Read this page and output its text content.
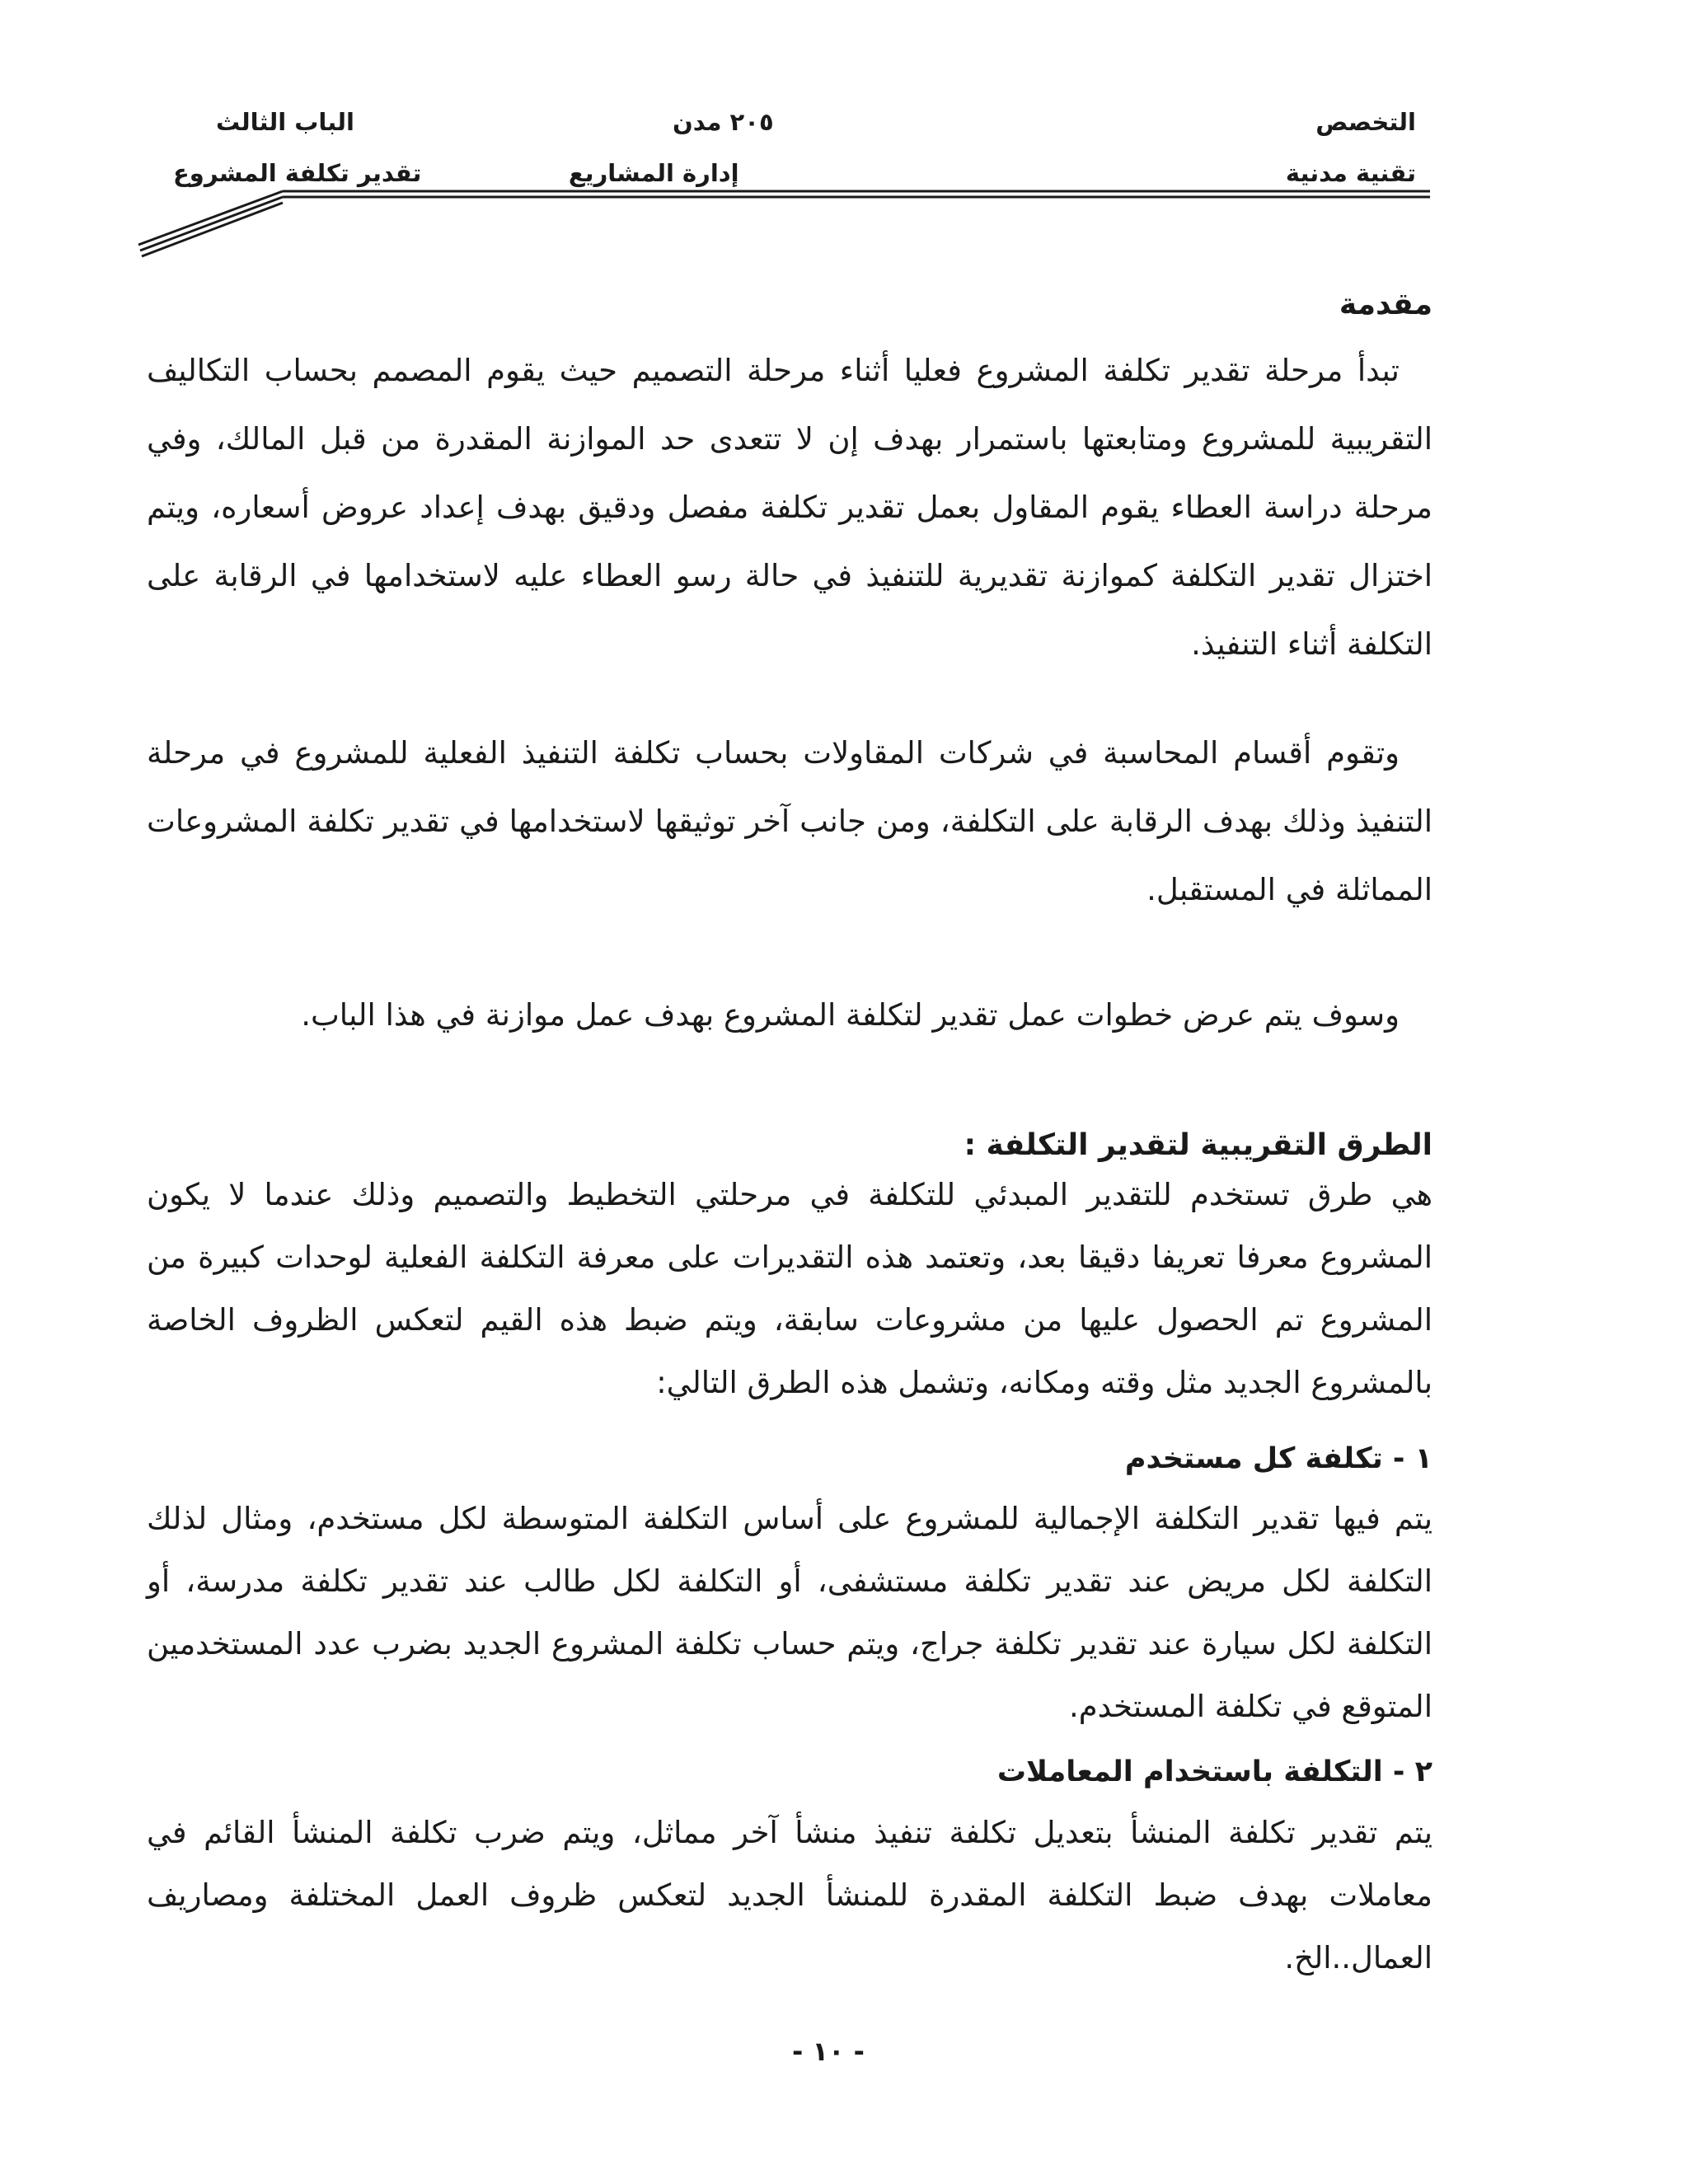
التخصص
٢٠٥ مدن
الباب الثالث
تقنية مدنية
إدارة المشاريع
تقدير تكلفة المشروع
مقدمة
تبدأ مرحلة تقدير تكلفة المشروع فعليا أثناء مرحلة التصميم حيث يقوم المصمم بحساب التكاليف التقريبية للمشروع ومتابعتها باستمرار بهدف إن لا تتعدى حد الموازنة المقدرة من قبل المالك، وفي مرحلة دراسة العطاء يقوم المقاول بعمل تقدير تكلفة مفصل ودقيق بهدف إعداد عروض أسعاره، ويتم اختزال تقدير التكلفة كموازنة تقديرية للتنفيذ في حالة رسو العطاء عليه لاستخدامها في الرقابة على التكلفة أثناء التنفيذ.
وتقوم أقسام المحاسبة في شركات المقاولات بحساب تكلفة التنفيذ الفعلية للمشروع في مرحلة التنفيذ وذلك بهدف الرقابة على التكلفة، ومن جانب آخر توثيقها لاستخدامها في تقدير تكلفة المشروعات المماثلة في المستقبل.
وسوف يتم عرض خطوات عمل تقدير لتكلفة المشروع بهدف عمل موازنة في هذا الباب.
الطرق التقريبية لتقدير التكلفة :
هي طرق تستخدم للتقدير المبدئي للتكلفة في مرحلتي التخطيط والتصميم وذلك عندما لا يكون المشروع معرفا تعريفا دقيقا بعد، وتعتمد هذه التقديرات على معرفة التكلفة الفعلية لوحدات كبيرة من المشروع تم الحصول عليها من مشروعات سابقة، ويتم ضبط هذه القيم لتعكس الظروف الخاصة بالمشروع الجديد مثل وقته ومكانه، وتشمل هذه الطرق التالي:
١ - تكلفة كل مستخدم
يتم فيها تقدير التكلفة الإجمالية للمشروع على أساس التكلفة المتوسطة لكل مستخدم، ومثال لذلك التكلفة لكل مريض عند تقدير تكلفة مستشفى، أو التكلفة لكل طالب عند تقدير تكلفة مدرسة، أو التكلفة لكل سيارة عند تقدير تكلفة جراج، ويتم حساب تكلفة المشروع الجديد بضرب عدد المستخدمين المتوقع في تكلفة المستخدم.
٢ - التكلفة باستخدام المعاملات
يتم تقدير تكلفة المنشأ بتعديل تكلفة تنفيذ منشأ آخر مماثل، ويتم ضرب تكلفة المنشأ القائم في معاملات بهدف ضبط التكلفة المقدرة للمنشأ الجديد لتعكس ظروف العمل المختلفة ومصاريف العمال..الخ.
- ١٠ -
